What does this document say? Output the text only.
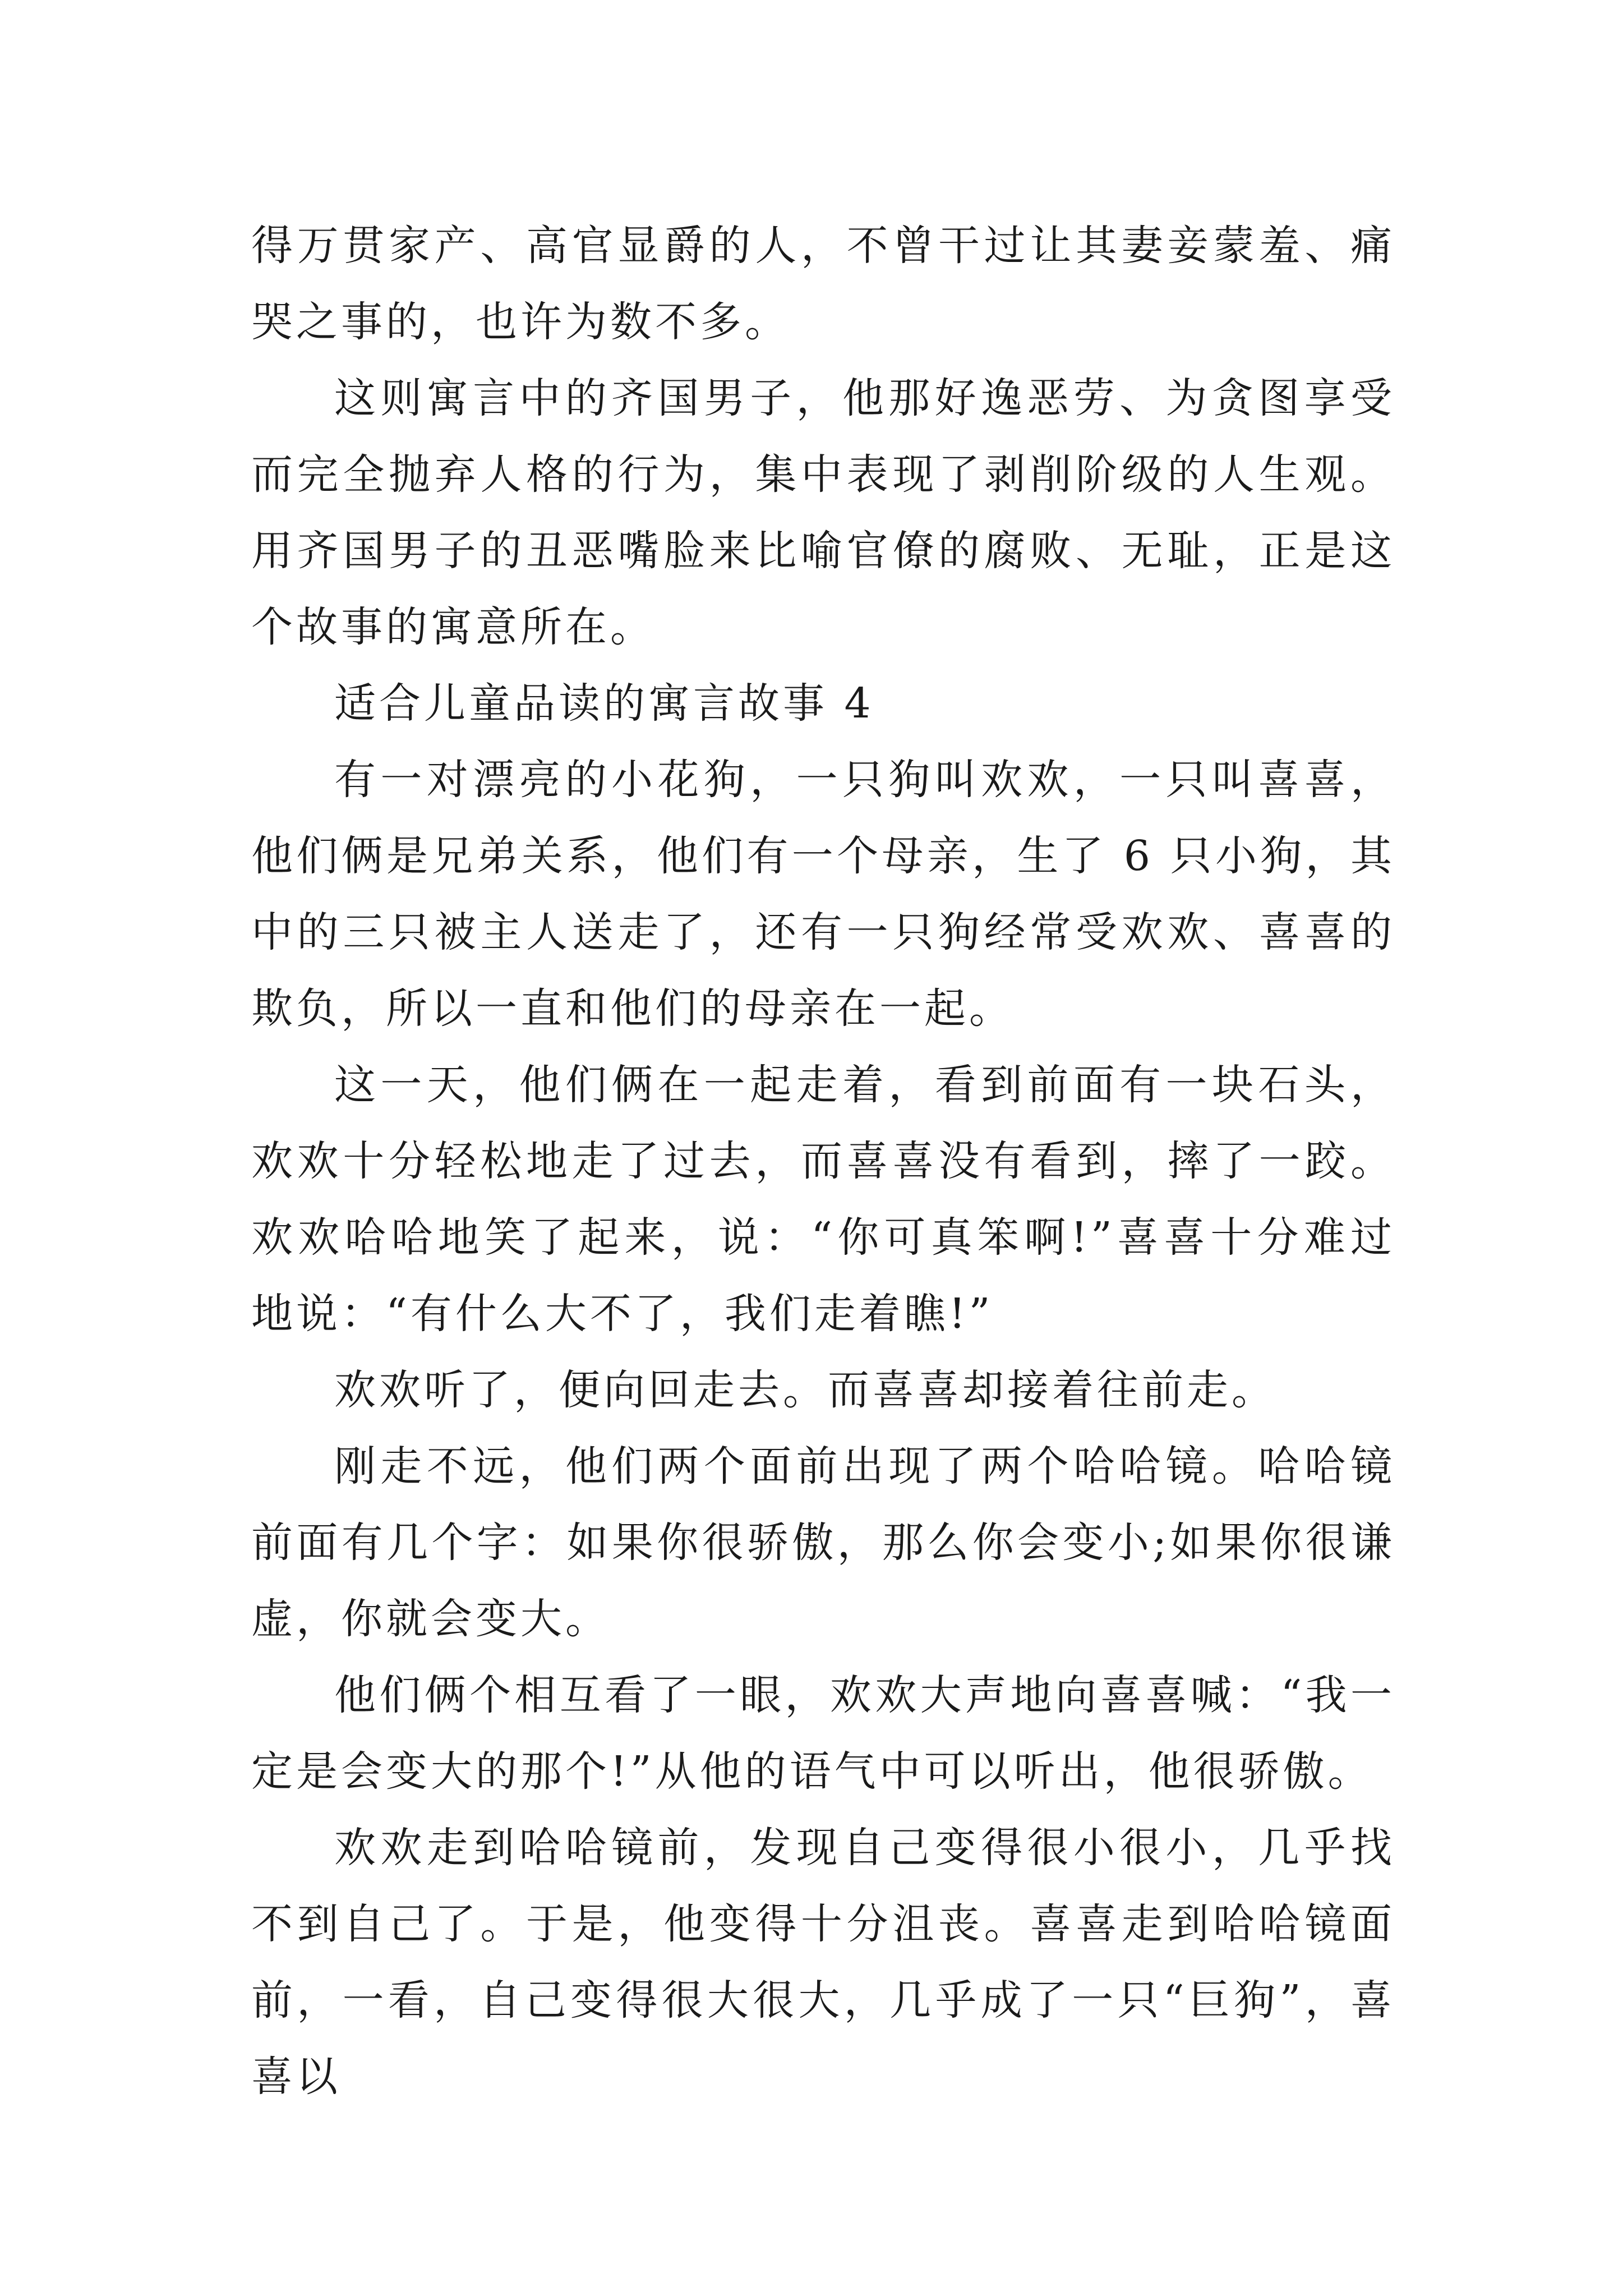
得万贯家产、高官显爵的人，不曾干过让其妻妾蒙羞、痛哭之事的，也许为数不多。

这则寓言中的齐国男子，他那好逸恶劳、为贪图享受而完全抛弃人格的行为，集中表现了剥削阶级的人生观。用齐国男子的丑恶嘴脸来比喻官僚的腐败、无耻，正是这个故事的寓意所在。

适合儿童品读的寓言故事 4

有一对漂亮的小花狗，一只狗叫欢欢，一只叫喜喜，他们俩是兄弟关系，他们有一个母亲，生了 6 只小狗，其中的三只被主人送走了，还有一只狗经常受欢欢、喜喜的欺负，所以一直和他们的母亲在一起。

这一天，他们俩在一起走着，看到前面有一块石头，欢欢十分轻松地走了过去，而喜喜没有看到，摔了一跤。欢欢哈哈地笑了起来，说：“你可真笨啊!”喜喜十分难过地说：“有什么大不了，我们走着瞧!”

欢欢听了，便向回走去。而喜喜却接着往前走。

刚走不远，他们两个面前出现了两个哈哈镜。哈哈镜前面有几个字：如果你很骄傲，那么你会变小;如果你很谦虚，你就会变大。

他们俩个相互看了一眼，欢欢大声地向喜喜喊：“我一定是会变大的那个!”从他的语气中可以听出，他很骄傲。

欢欢走到哈哈镜前，发现自己变得很小很小，几乎找不到自己了。于是，他变得十分沮丧。喜喜走到哈哈镜面前，一看，自己变得很大很大，几乎成了一只“巨狗”，喜喜以
